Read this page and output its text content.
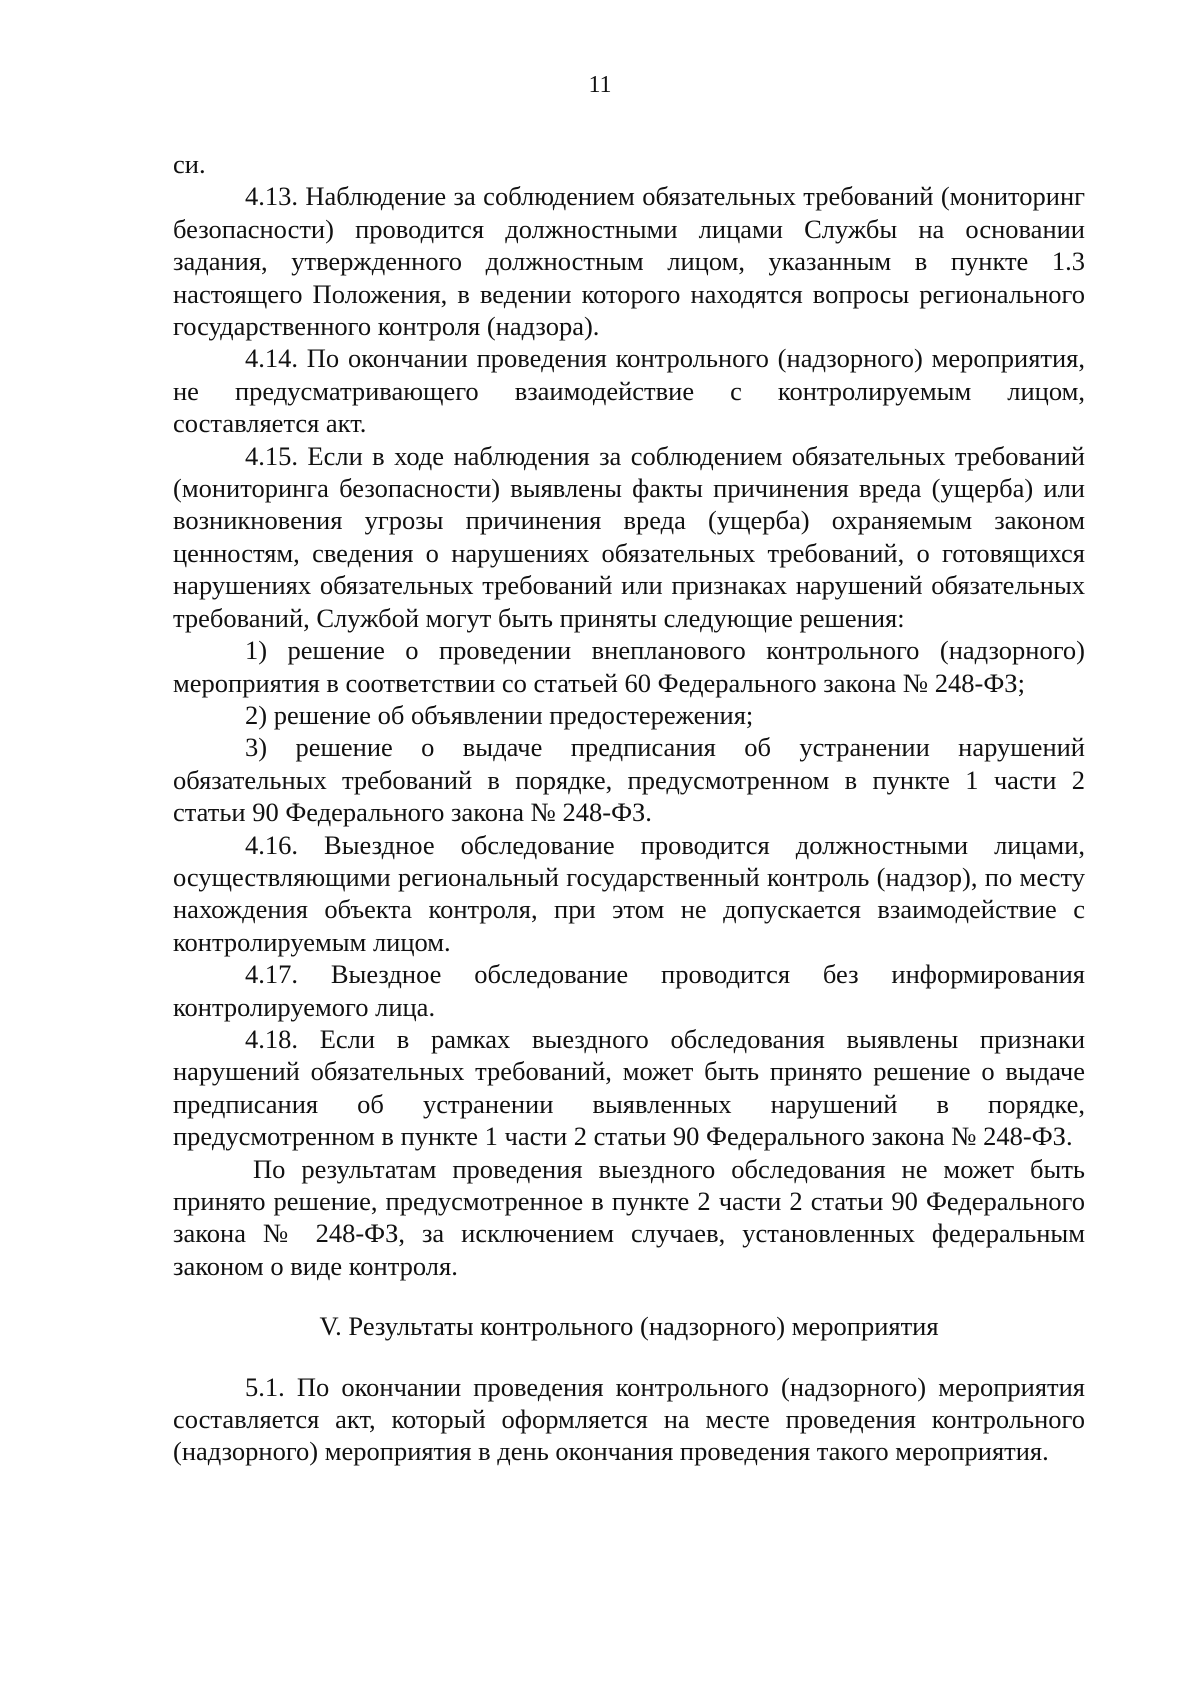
11

си.

4.13. Наблюдение за соблюдением обязательных требований (мониторинг безопасности) проводится должностными лицами Службы на основании задания, утвержденного должностным лицом, указанным в пункте 1.3 настоящего Положения, в ведении которого находятся вопросы регионального государственного контроля (надзора).

4.14. По окончании проведения контрольного (надзорного) мероприятия, не предусматривающего взаимодействие с контролируемым лицом, составляется акт.

4.15. Если в ходе наблюдения за соблюдением обязательных требований (мониторинга безопасности) выявлены факты причинения вреда (ущерба) или возникновения угрозы причинения вреда (ущерба) охраняемым законом ценностям, сведения о нарушениях обязательных требований, о готовящихся нарушениях обязательных требований или признаках нарушений обязательных требований, Службой могут быть приняты следующие решения:

1) решение о проведении внепланового контрольного (надзорного) мероприятия в соответствии со статьей 60 Федерального закона № 248-ФЗ;

2) решение об объявлении предостережения;

3) решение о выдаче предписания об устранении нарушений обязательных требований в порядке, предусмотренном в пункте 1 части 2 статьи 90 Федерального закона № 248-ФЗ.

4.16. Выездное обследование проводится должностными лицами, осуществляющими региональный государственный контроль (надзор), по месту нахождения объекта контроля, при этом не допускается взаимодействие с контролируемым лицом.

4.17. Выездное обследование проводится без информирования контролируемого лица.

4.18. Если в рамках выездного обследования выявлены признаки нарушений обязательных требований, может быть принято решение о выдаче предписания об устранении выявленных нарушений в порядке, предусмотренном в пункте 1 части 2 статьи 90 Федерального закона № 248-ФЗ.

По результатам проведения выездного обследования не может быть принято решение, предусмотренное в пункте 2 части 2 статьи 90 Федерального закона № 248-ФЗ, за исключением случаев, установленных федеральным законом о виде контроля.

V. Результаты контрольного (надзорного) мероприятия

5.1. По окончании проведения контрольного (надзорного) мероприятия составляется акт, который оформляется на месте проведения контрольного (надзорного) мероприятия в день окончания проведения такого мероприятия.
